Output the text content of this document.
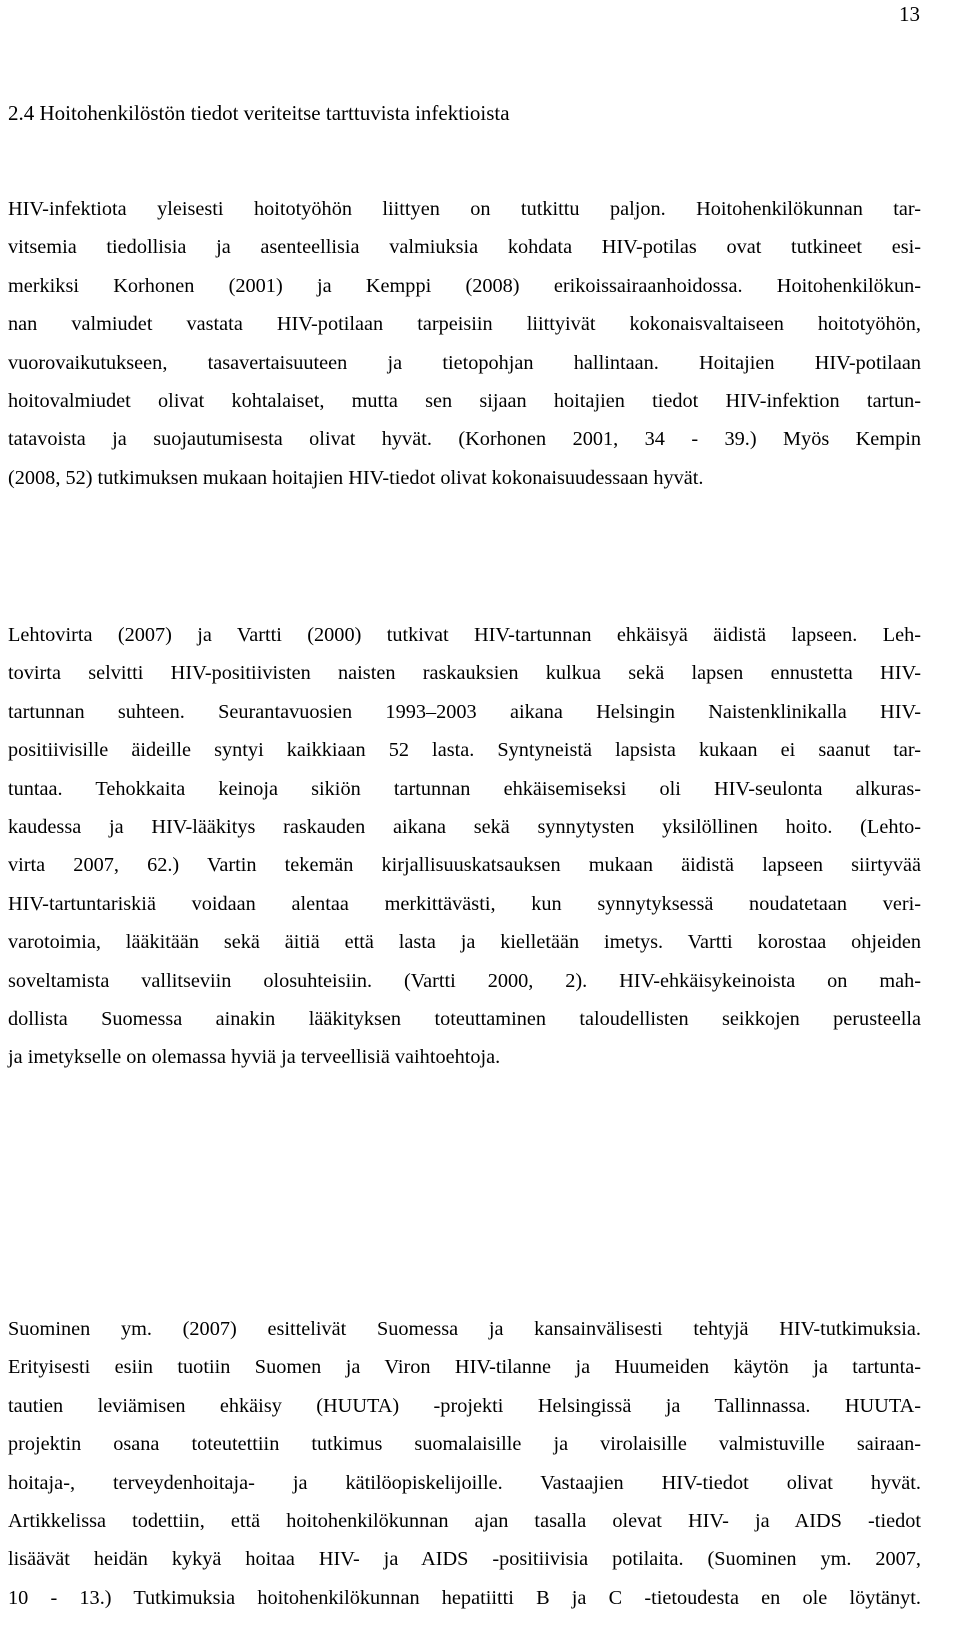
13
2.4 Hoitohenkilöstön tiedot veriteitse tarttuvista infektioista
HIV-infektiota yleisesti hoitotyöhön liittyen on tutkittu paljon. Hoitohenkilökunnan tar-
vitsemia tiedollisia ja asenteellisia valmiuksia kohdata HIV-potilas ovat tutkineet esi-
merkiksi Korhonen (2001) ja Kemppi (2008) erikoissairaanhoidossa. Hoitohenkilökun-
nan valmiudet vastata HIV-potilaan tarpeisiin liittyivät kokonaisvaltaiseen hoitotyöhön,
vuorovaikutukseen, tasavertaisuuteen ja tietopohjan hallintaan. Hoitajien HIV-potilaan
hoitovalmiudet olivat kohtalaiset, mutta sen sijaan hoitajien tiedot HIV-infektion tartun-
tatavoista ja suojautumisesta olivat hyvät. (Korhonen 2001, 34 - 39.) Myös Kempin
(2008, 52) tutkimuksen mukaan hoitajien HIV-tiedot olivat kokonaisuudessaan hyvät.
Lehtovirta (2007) ja Vartti (2000) tutkivat HIV-tartunnan ehkäisyä äidistä lapseen. Leh-
tovirta selvitti HIV-positiivisten naisten raskauksien kulkua sekä lapsen ennustetta HIV-
tartunnan suhteen. Seurantavuosien 1993–2003 aikana Helsingin Naistenklinikalla HIV-
positiivisille äideille syntyi kaikkiaan 52 lasta. Syntyneistä lapsista kukaan ei saanut tar-
tuntaa. Tehokkaita keinoja sikiön tartunnan ehkäisemiseksi oli HIV-seulonta alkuras-
kaudessa ja HIV-lääkitys raskauden aikana sekä synnytysten yksilöllinen hoito. (Lehto-
virta 2007, 62.) Vartin tekemän kirjallisuuskatsauksen mukaan äidistä lapseen siirtyvää
HIV-tartuntariskiä voidaan alentaa merkittävästi, kun synnytyksessä noudatetaan veri-
varotoimia, lääkitään sekä äitiä että lasta ja kielletään imetys. Vartti korostaa ohjeiden
soveltamista vallitseviin olosuhteisiin. (Vartti 2000, 2). HIV-ehkäisykeinoista on mah-
dollista Suomessa ainakin lääkityksen toteuttaminen taloudellisten seikkojen perusteella
ja imetykselle on olemassa hyviä ja terveellisiä vaihtoehtoja.
Suominen ym. (2007) esittelivät Suomessa ja kansainvälisesti tehtyjä HIV-tutkimuksia.
Erityisesti esiin tuotiin Suomen ja Viron HIV-tilanne ja Huumeiden käytön ja tartunta-
tautien leviämisen ehkäisy (HUUTA) -projekti Helsingissä ja Tallinnassa. HUUTA-
projektin osana toteutettiin tutkimus suomalaisille ja virolaisille valmistuville sairaan-
hoitaja-, terveydenhoitaja- ja kätilöopiskelijoille. Vastaajien HIV-tiedot olivat hyvät.
Artikkelissa todettiin, että hoitohenkilökunnan ajan tasalla olevat HIV- ja AIDS -tiedot
lisäävät heidän kykyä hoitaa HIV- ja AIDS -positiivisia potilaita. (Suominen ym. 2007,
10 - 13.) Tutkimuksia hoitohenkilökunnan hepatiitti B ja C -tietoudesta en ole löytänyt.
